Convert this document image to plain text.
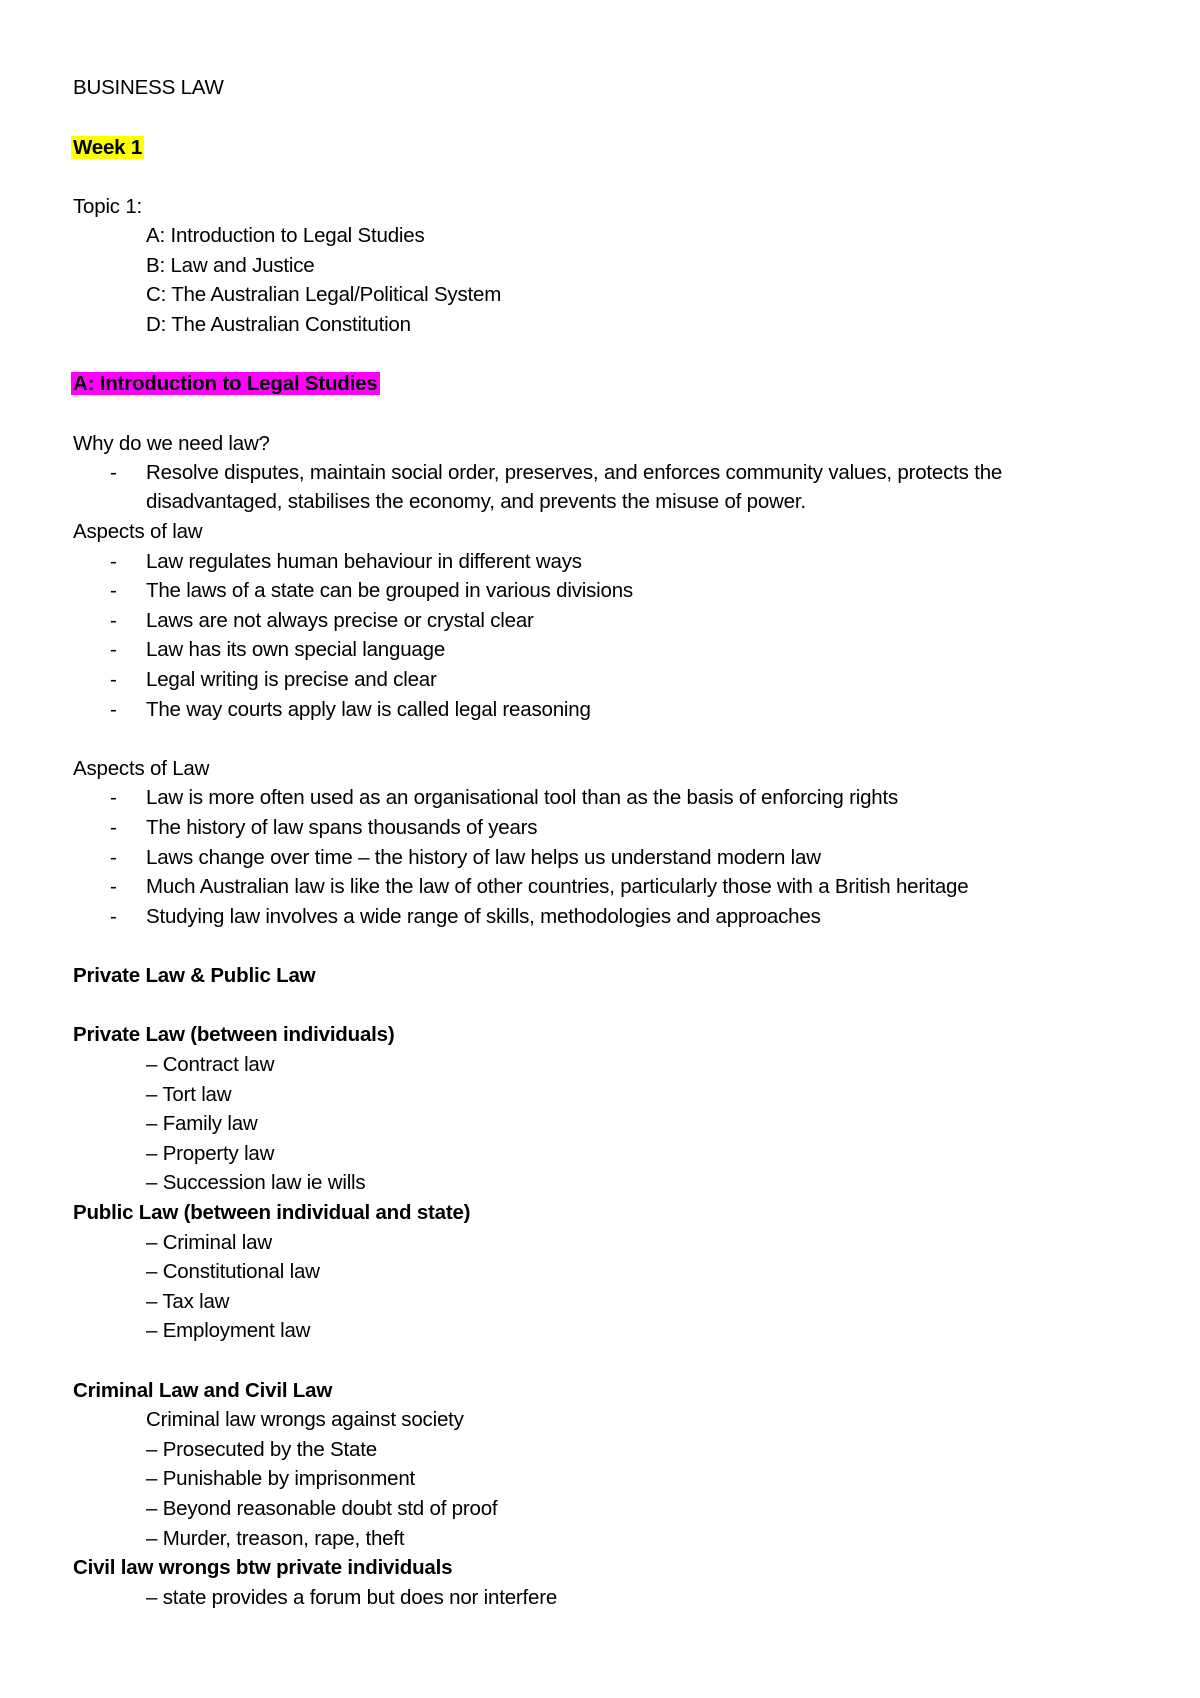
BUSINESS LAW

Week 1

Topic 1:

A: Introduction to Legal Studies

B: Law and Justice

C: The Australian Legal/Political System

D: The Australian Constitution

A: Introduction to Legal Studies

Why do we need law?

- Resolve disputes, maintain social order, preserves, and enforces community values, protects the

disadvantaged, stabilises the economy, and prevents the misuse of power.

Aspects of law

- Law regulates human behaviour in different ways

- The laws of a state can be grouped in various divisions

- Laws are not always precise or crystal clear

- Law has its own special language

- Legal writing is precise and clear

- The way courts apply law is called legal reasoning

Aspects of Law

- Law is more often used as an organisational tool than as the basis of enforcing rights

- The history of law spans thousands of years

- Laws change over time – the history of law helps us understand modern law

- Much Australian law is like the law of other countries, particularly those with a British heritage

- Studying law involves a wide range of skills, methodologies and approaches

Private Law & Public Law

Private Law (between individuals)

– Contract law

– Tort law

– Family law

– Property law

– Succession law ie wills

Public Law (between individual and state)

– Criminal law

– Constitutional law

– Tax law

– Employment law

Criminal Law and Civil Law

Criminal law wrongs against society

– Prosecuted by the State

– Punishable by imprisonment

– Beyond reasonable doubt std of proof

– Murder, treason, rape, theft

Civil law wrongs btw private individuals

– state provides a forum but does nor interfere
